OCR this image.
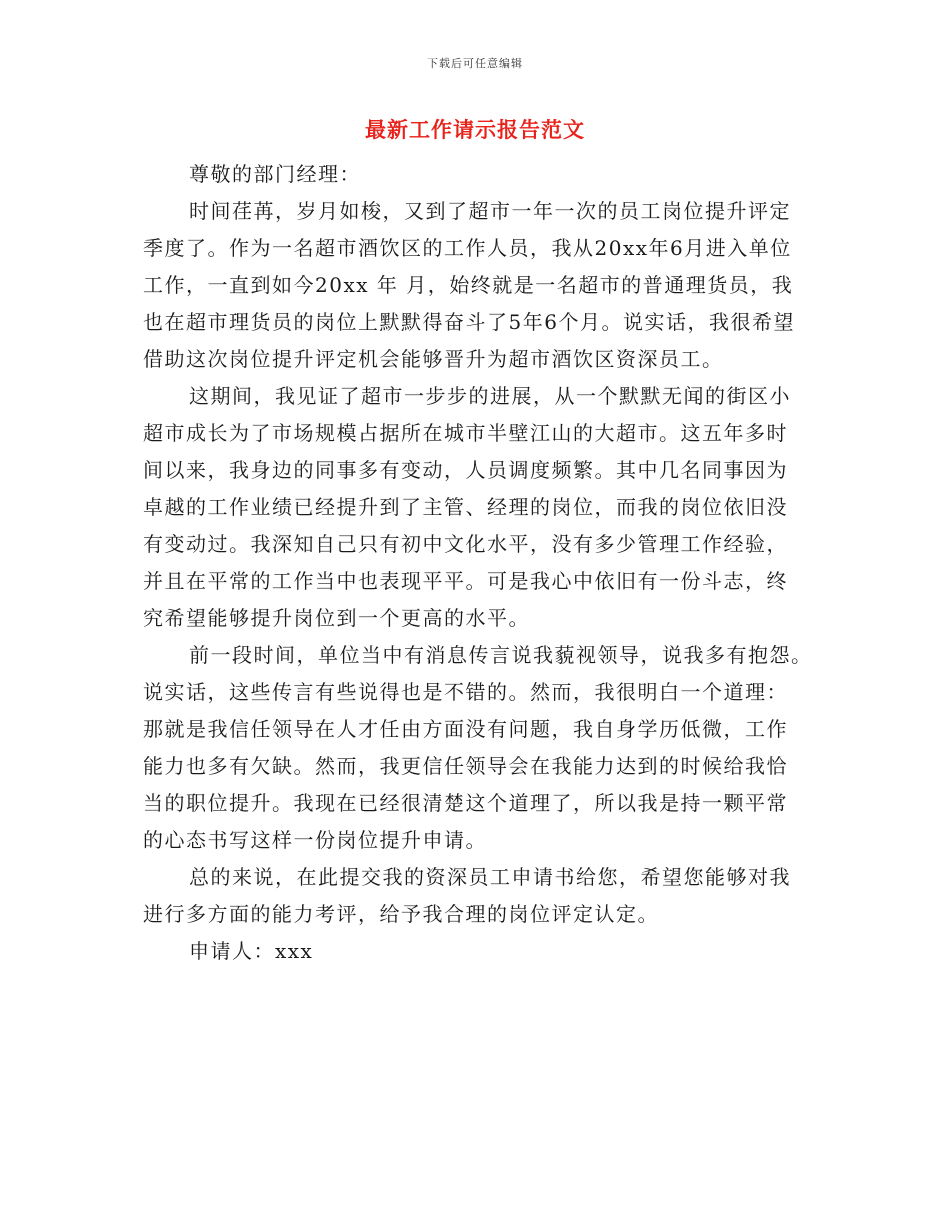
下载后可任意编辑
最新工作请示报告范文
尊敬的部门经理：
时间荏苒，岁月如梭，又到了超市一年一次的员工岗位提升评定
季度了。作为一名超市酒饮区的工作人员，我从20xx年6月进入单位
工作，一直到如今20xx 年 月，始终就是一名超市的普通理货员，我
也在超市理货员的岗位上默默得奋斗了5年6个月。说实话，我很希望
借助这次岗位提升评定机会能够晋升为超市酒饮区资深员工。
这期间，我见证了超市一步步的进展，从一个默默无闻的街区小
超市成长为了市场规模占据所在城市半壁江山的大超市。这五年多时
间以来，我身边的同事多有变动，人员调度频繁。其中几名同事因为
卓越的工作业绩已经提升到了主管、经理的岗位，而我的岗位依旧没
有变动过。我深知自己只有初中文化水平，没有多少管理工作经验，
并且在平常的工作当中也表现平平。可是我心中依旧有一份斗志，终
究希望能够提升岗位到一个更高的水平。
前一段时间，单位当中有消息传言说我藐视领导，说我多有抱怨。
说实话，这些传言有些说得也是不错的。然而，我很明白一个道理：
那就是我信任领导在人才任由方面没有问题，我自身学历低微，工作
能力也多有欠缺。然而，我更信任领导会在我能力达到的时候给我恰
当的职位提升。我现在已经很清楚这个道理了，所以我是持一颗平常
的心态书写这样一份岗位提升申请。
总的来说，在此提交我的资深员工申请书给您，希望您能够对我
进行多方面的能力考评，给予我合理的岗位评定认定。
申请人：xxx
